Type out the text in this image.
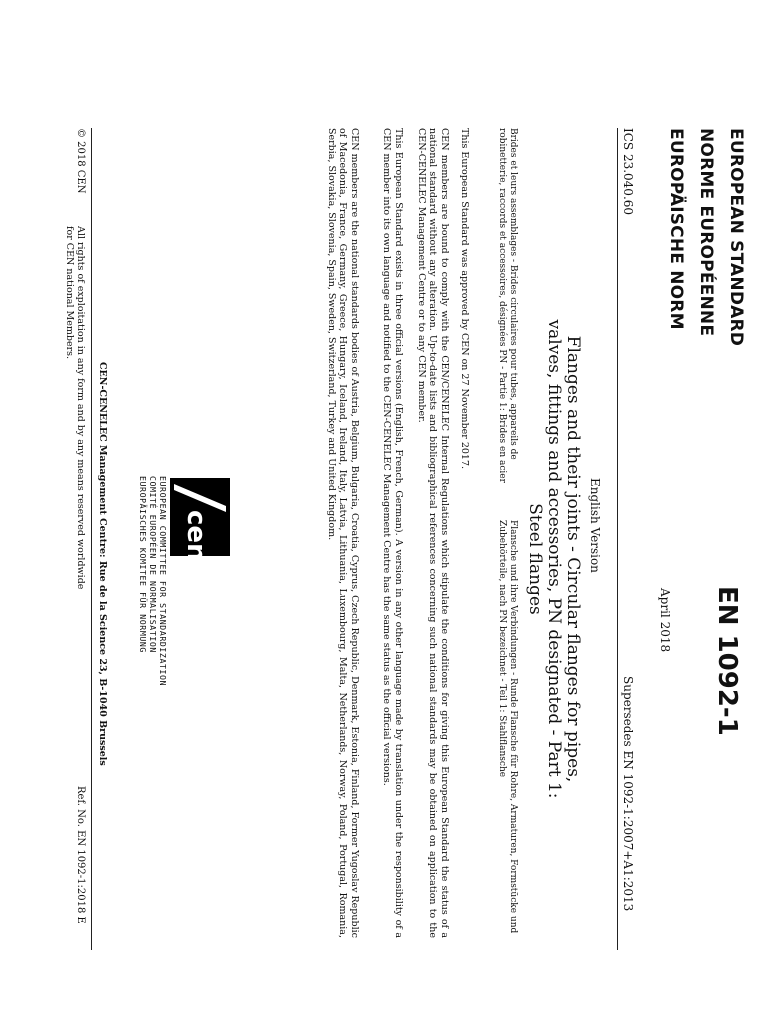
EUROPEAN STANDARD
NORME EUROPÉENNE
EUROPÄISCHE NORM
EN 1092-1
April 2018
ICS 23.040.60
Supersedes EN 1092-1:2007+A1:2013
English Version
Flanges and their joints - Circular flanges for pipes, valves, fittings and accessories, PN designated - Part 1: Steel flanges
Brides et leurs assemblages - Brides circulaires pour tubes, appareils de robinetterie, raccords et accessoires, désignées PN - Partie 1: Brides en acier
Flansche und ihre Verbindungen - Runde Flansche für Rohre, Armaturen, Formstücke und Zubehörteile, nach PN bezeichnet - Teil 1: Stahlflansche
This European Standard was approved by CEN on 27 November 2017.
CEN members are bound to comply with the CEN/CENELEC Internal Regulations which stipulate the conditions for giving this European Standard the status of a national standard without any alteration. Up-to-date lists and bibliographical references concerning such national standards may be obtained on application to the CEN-CENELEC Management Centre or to any CEN member.
This European Standard exists in three official versions (English, French, German). A version in any other language made by translation under the responsibility of a CEN member into its own language and notified to the CEN-CENELEC Management Centre has the same status as the official versions.
CEN members are the national standards bodies of Austria, Belgium, Bulgaria, Croatia, Cyprus, Czech Republic, Denmark, Estonia, Finland, Former Yugoslav Republic of Macedonia, France, Germany, Greece, Hungary, Iceland, Ireland, Italy, Latvia, Lithuania, Luxembourg, Malta, Netherlands, Norway, Poland, Portugal, Romania, Serbia, Slovakia, Slovenia, Spain, Sweden, Switzerland, Turkey and United Kingdom.
cen
EUROPEAN COMMITTEE FOR STANDARDIZATION
COMITÉ EUROPÉEN DE NORMALISATION
EUROPÄISCHES KOMITEE FÜR NORMUNG
CEN-CENELEC Management Centre: Rue de la Science 23, B-1040 Brussels
© 2018 CEN
All rights of exploitation in any form and by any means reserved worldwide for CEN national Members.
Ref. No. EN 1092-1:2018 E
